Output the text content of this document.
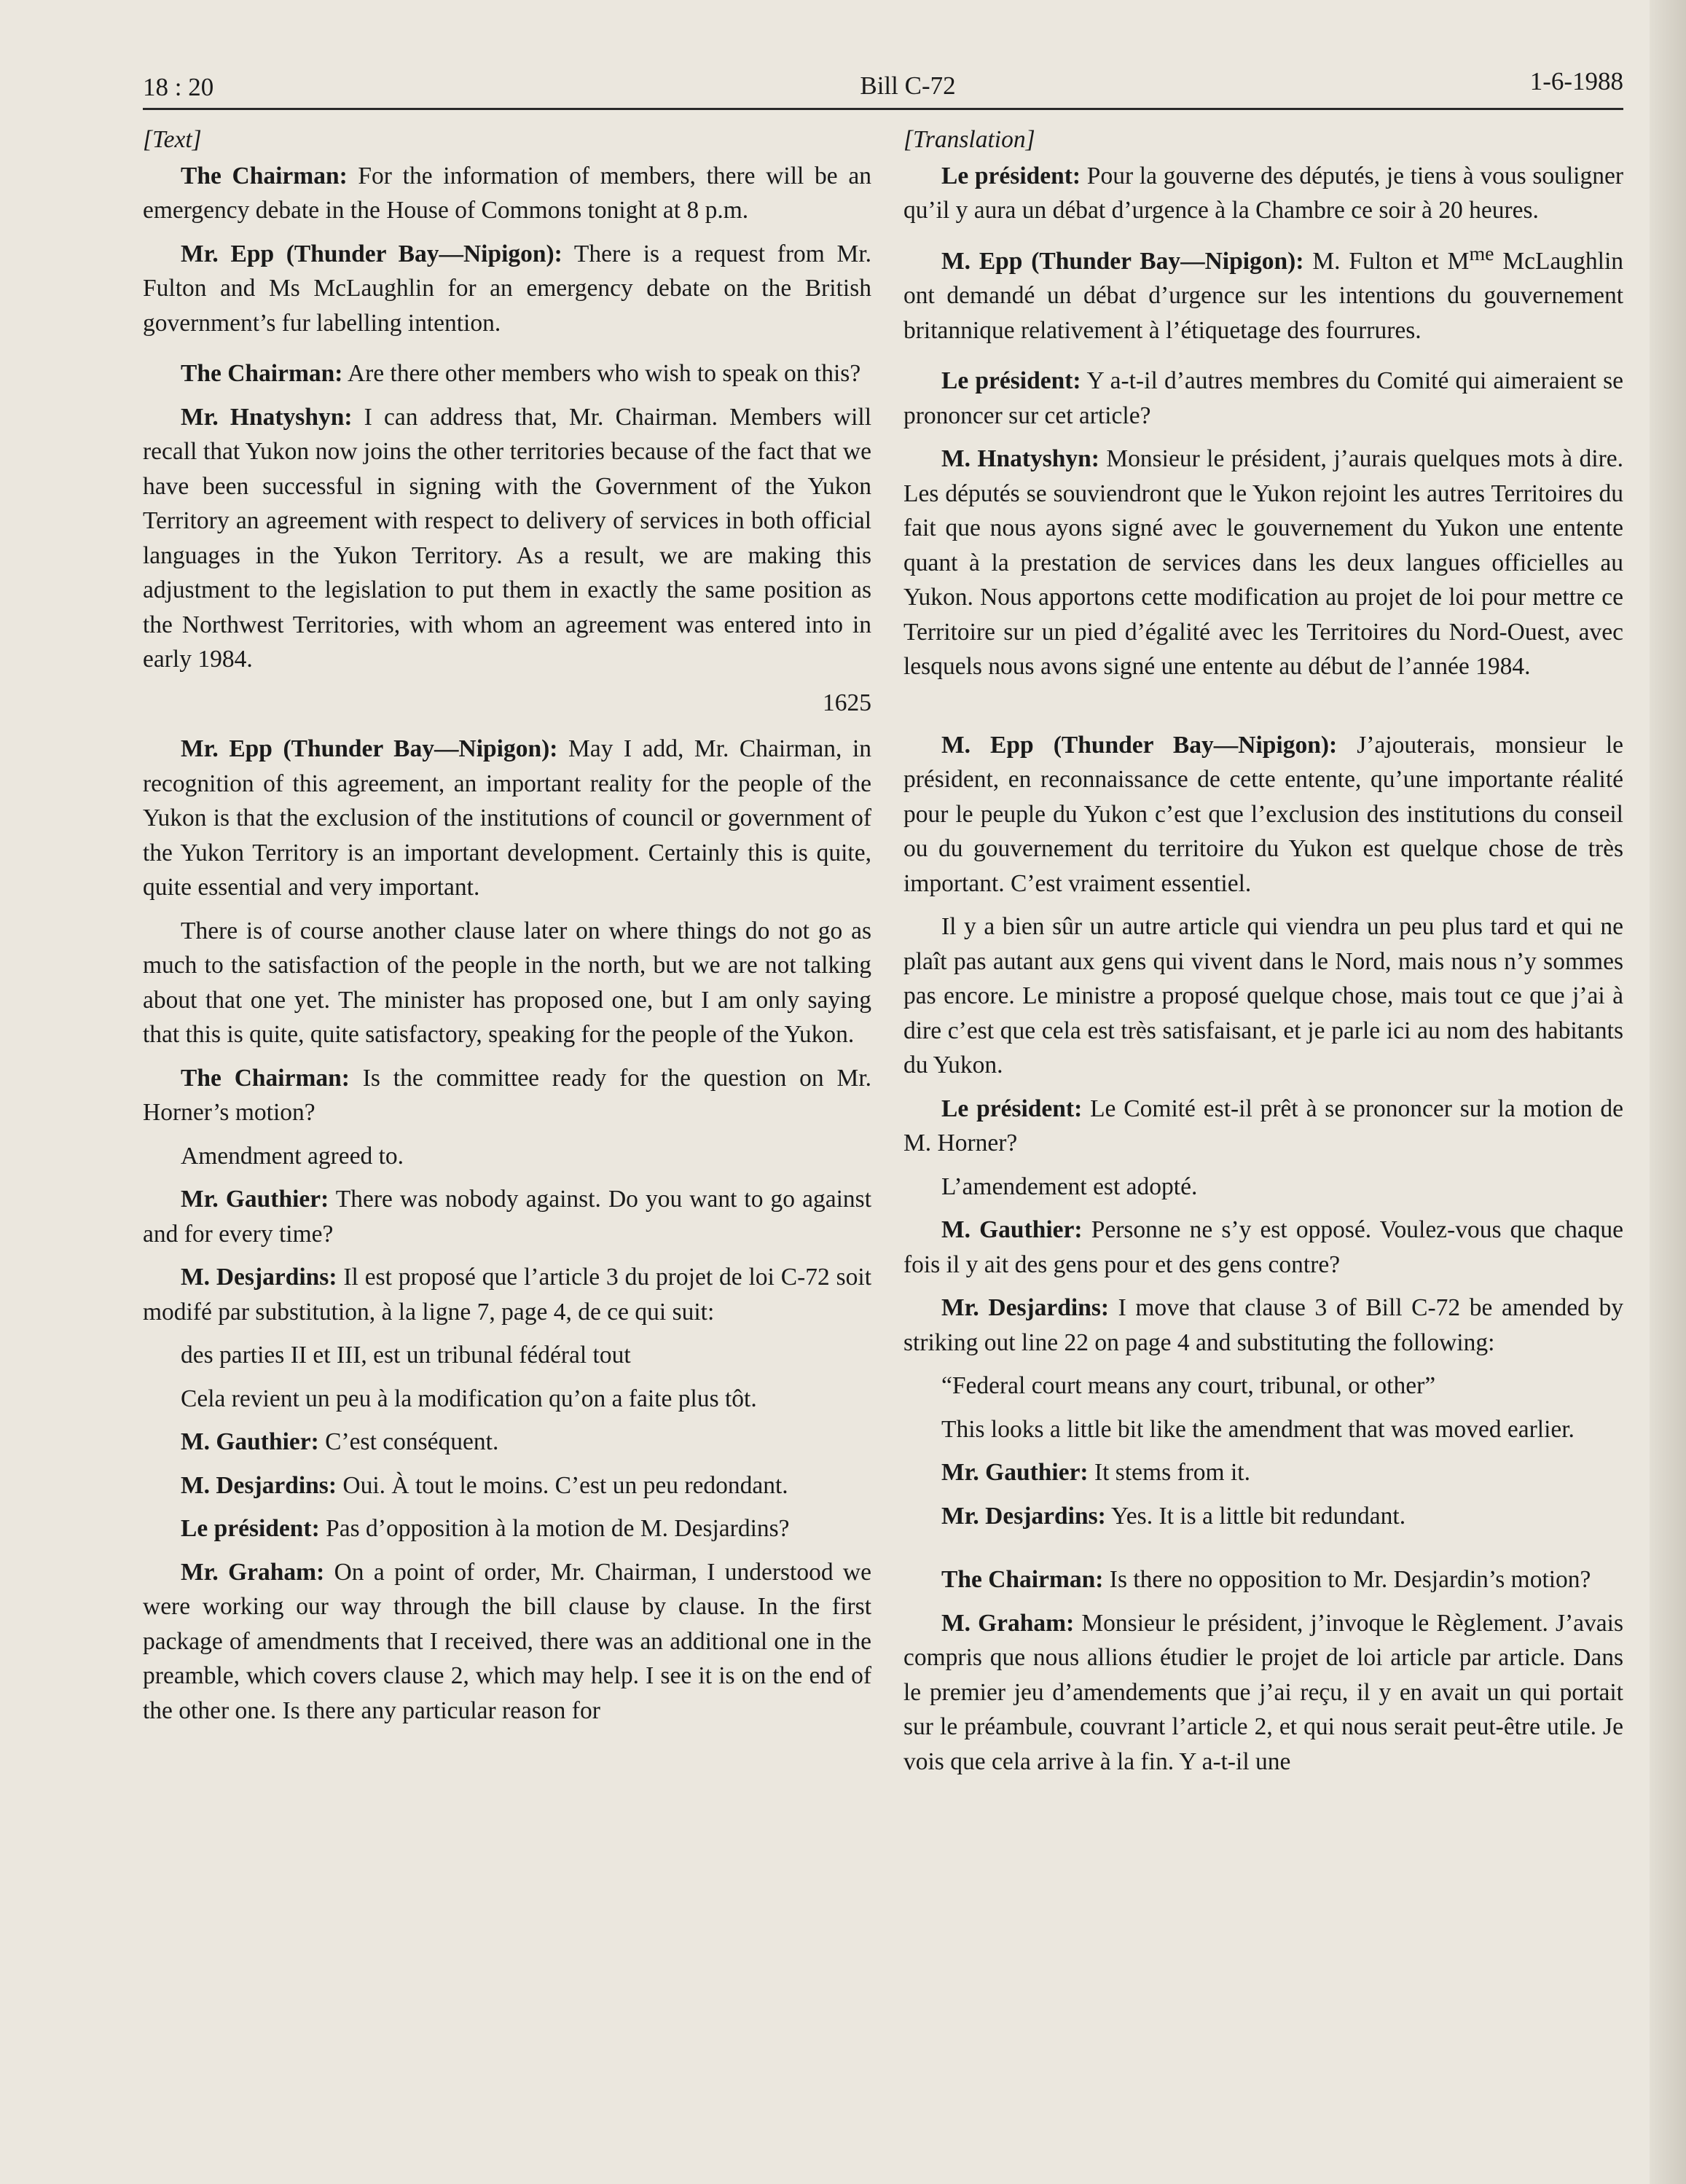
18 : 20	Bill C-72	1-6-1988

[Text]

The Chairman: For the information of members, there will be an emergency debate in the House of Commons tonight at 8 p.m.

Mr. Epp (Thunder Bay—Nipigon): There is a request from Mr. Fulton and Ms McLaughlin for an emergency debate on the British government’s fur labelling intention.

The Chairman: Are there other members who wish to speak on this?

Mr. Hnatyshyn: I can address that, Mr. Chairman. Members will recall that Yukon now joins the other territories because of the fact that we have been successful in signing with the Government of the Yukon Territory an agreement with respect to delivery of services in both official languages in the Yukon Territory. As a result, we are making this adjustment to the legislation to put them in exactly the same position as the Northwest Territories, with whom an agreement was entered into in early 1984.

1625

Mr. Epp (Thunder Bay—Nipigon): May I add, Mr. Chairman, in recognition of this agreement, an important reality for the people of the Yukon is that the exclusion of the institutions of council or government of the Yukon Territory is an important development. Certainly this is quite, quite essential and very important.

There is of course another clause later on where things do not go as much to the satisfaction of the people in the north, but we are not talking about that one yet. The minister has proposed one, but I am only saying that this is quite, quite satisfactory, speaking for the people of the Yukon.

The Chairman: Is the committee ready for the question on Mr. Horner’s motion?

Amendment agreed to.

Mr. Gauthier: There was nobody against. Do you want to go against and for every time?

M. Desjardins: Il est proposé que l’article 3 du projet de loi C-72 soit modifé par substitution, à la ligne 7, page 4, de ce qui suit:

des parties II et III, est un tribunal fédéral tout

Cela revient un peu à la modification qu’on a faite plus tôt.

M. Gauthier: C’est conséquent.

M. Desjardins: Oui. À tout le moins. C’est un peu redondant.

Le président: Pas d’opposition à la motion de M. Desjardins?

Mr. Graham: On a point of order, Mr. Chairman, I understood we were working our way through the bill clause by clause. In the first package of amendments that I received, there was an additional one in the preamble, which covers clause 2, which may help. I see it is on the end of the other one. Is there any particular reason for

[Translation]

Le président: Pour la gouverne des députés, je tiens à vous souligner qu’il y aura un débat d’urgence à la Chambre ce soir à 20 heures.

M. Epp (Thunder Bay—Nipigon): M. Fulton et $M^{me}$ McLaughlin ont demandé un débat d’urgence sur les intentions du gouvernement britannique relativement à l’étiquetage des fourrures.

Le président: Y a-t-il d’autres membres du Comité qui aimeraient se prononcer sur cet article?

M. Hnatyshyn: Monsieur le président, j’aurais quelques mots à dire. Les députés se souviendront que le Yukon rejoint les autres Territoires du fait que nous ayons signé avec le gouvernement du Yukon une entente quant à la prestation de services dans les deux langues officielles au Yukon. Nous apportons cette modification au projet de loi pour mettre ce Territoire sur un pied d’égalité avec les Territoires du Nord-Ouest, avec lesquels nous avons signé une entente au début de l’année 1984.

M. Epp (Thunder Bay—Nipigon): J’ajouterais, monsieur le président, en reconnaissance de cette entente, qu’une importante réalité pour le peuple du Yukon c’est que l’exclusion des institutions du conseil ou du gouvernement du territoire du Yukon est quelque chose de très important. C’est vraiment essentiel.

Il y a bien sûr un autre article qui viendra un peu plus tard et qui ne plaît pas autant aux gens qui vivent dans le Nord, mais nous n’y sommes pas encore. Le ministre a proposé quelque chose, mais tout ce que j’ai à dire c’est que cela est très satisfaisant, et je parle ici au nom des habitants du Yukon.

Le président: Le Comité est-il prêt à se prononcer sur la motion de M. Horner?

L’amendement est adopté.

M. Gauthier: Personne ne s’y est opposé. Voulez-vous que chaque fois il y ait des gens pour et des gens contre?

Mr. Desjardins: I move that clause 3 of Bill C-72 be amended by striking out line 22 on page 4 and substituting the following:

“Federal court means any court, tribunal, or other”

This looks a little bit like the amendment that was moved earlier.

Mr. Gauthier: It stems from it.

Mr. Desjardins: Yes. It is a little bit redundant.

The Chairman: Is there no opposition to Mr. Desjardin’s motion?

M. Graham: Monsieur le président, j’invoque le Règlement. J’avais compris que nous allions étudier le projet de loi article par article. Dans le premier jeu d’amendements que j’ai reçu, il y en avait un qui portait sur le préambule, couvrant l’article 2, et qui nous serait peut-être utile. Je vois que cela arrive à la fin. Y a-t-il une
